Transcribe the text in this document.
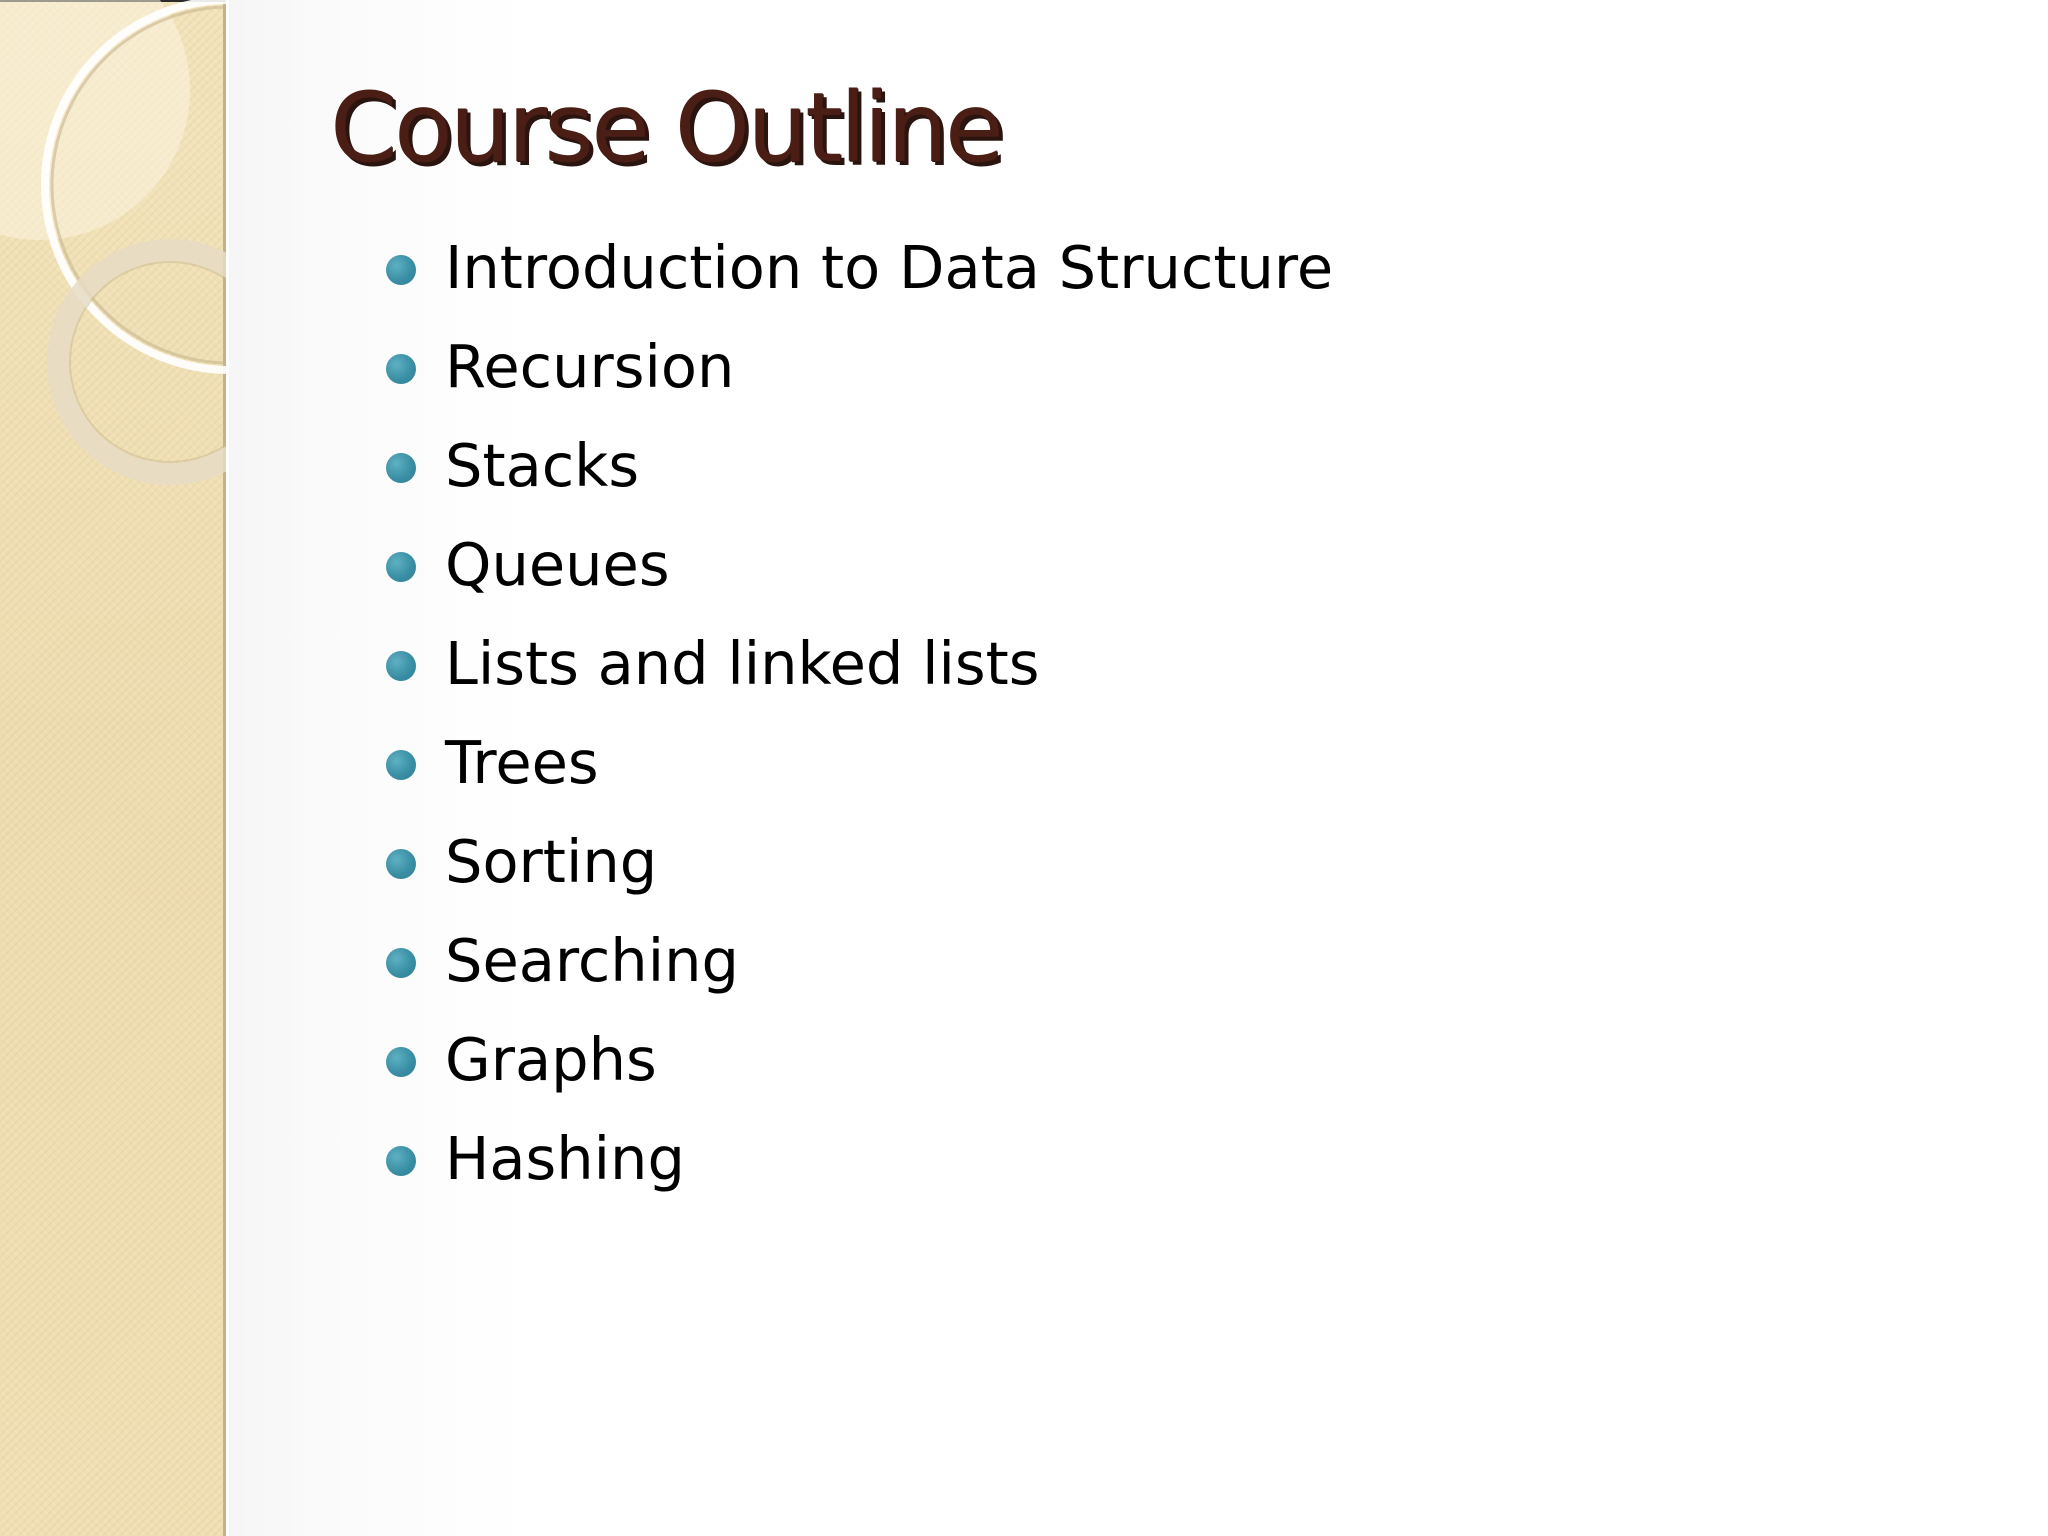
Course Outline
Introduction to Data Structure
Recursion
Stacks
Queues
Lists and linked lists
Trees
Sorting
Searching
Graphs
Hashing
